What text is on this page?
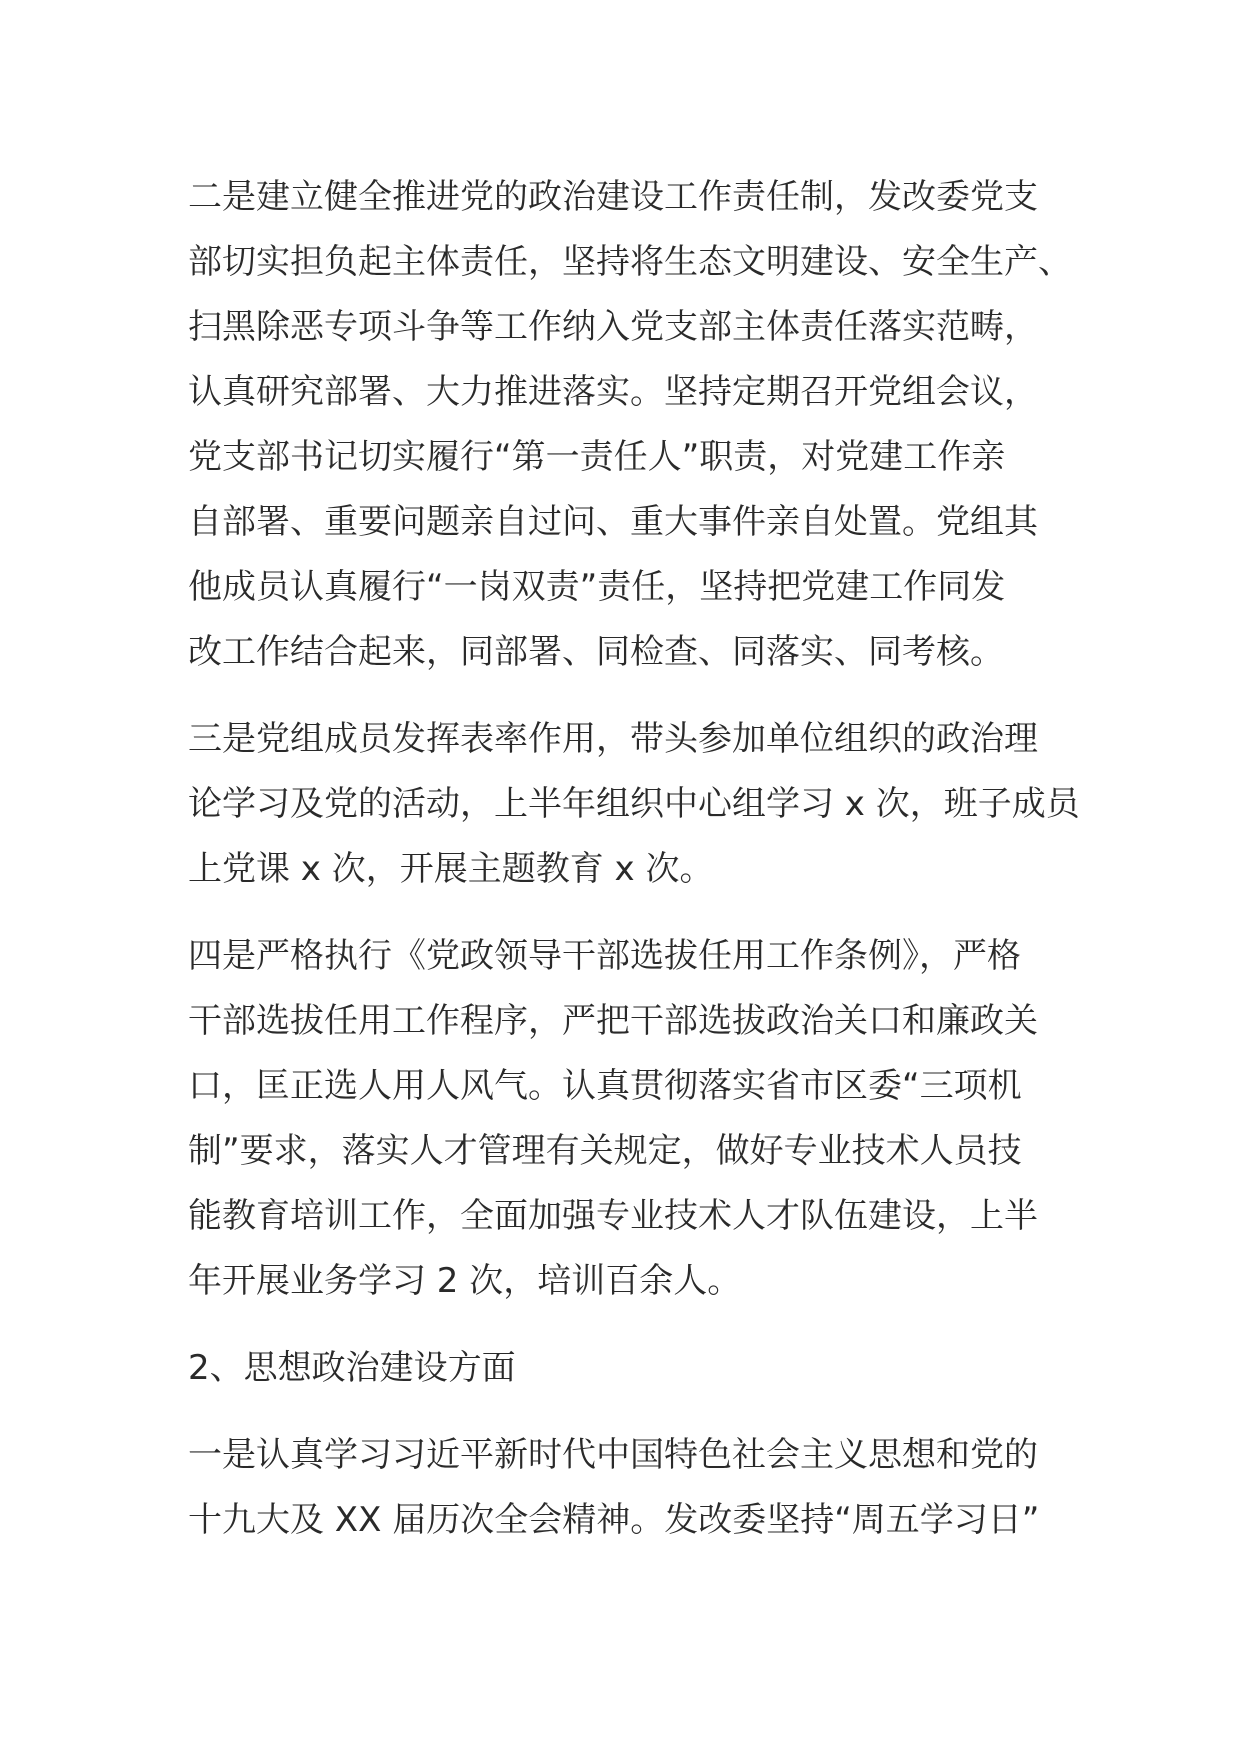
二是建立健全推进党的政治建设工作责任制，发改委党支
部切实担负起主体责任，坚持将生态文明建设、安全生产、
扫黑除恶专项斗争等工作纳入党支部主体责任落实范畴，
认真研究部署、大力推进落实。坚持定期召开党组会议，
党支部书记切实履行“第一责任人”职责，对党建工作亲
自部署、重要问题亲自过问、重大事件亲自处置。党组其
他成员认真履行“一岗双责”责任，坚持把党建工作同发
改工作结合起来，同部署、同检查、同落实、同考核。
三是党组成员发挥表率作用，带头参加单位组织的政治理
论学习及党的活动，上半年组织中心组学习 x 次，班子成员
上党课 x 次，开展主题教育 x 次。
四是严格执行《党政领导干部选拔任用工作条例》，严格
干部选拔任用工作程序，严把干部选拔政治关口和廉政关
口，匡正选人用人风气。认真贯彻落实省市区委“三项机
制”要求，落实人才管理有关规定，做好专业技术人员技
能教育培训工作，全面加强专业技术人才队伍建设，上半
年开展业务学习 2 次，培训百余人。
2、思想政治建设方面
一是认真学习习近平新时代中国特色社会主义思想和党的
十九大及 XX 届历次全会精神。发改委坚持“周五学习日”
